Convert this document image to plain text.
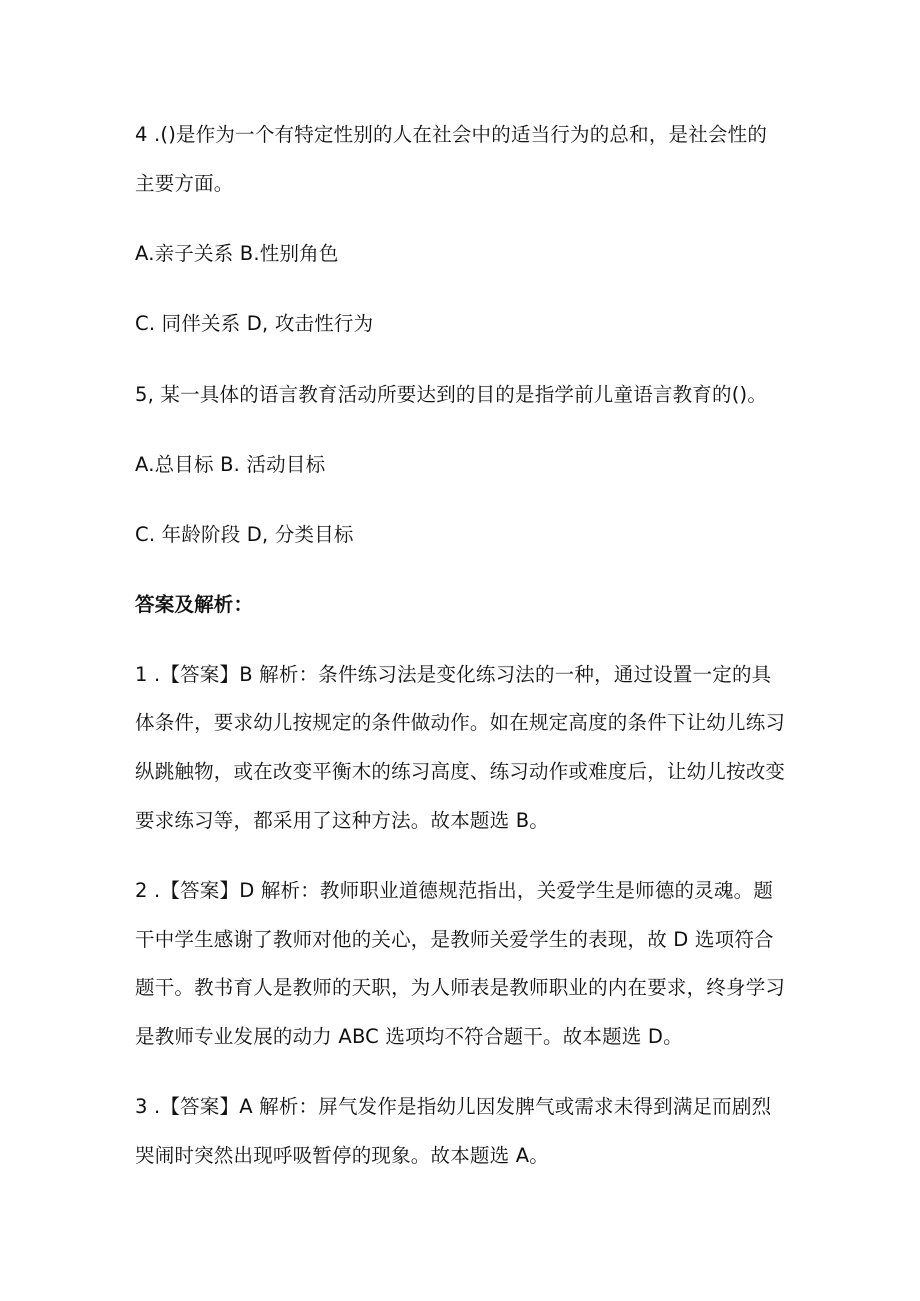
4 .()是作为一个有特定性别的人在社会中的适当行为的总和，是社会性的
主要方面。
A.亲子关系 B.性别角色
C. 同伴关系 D, 攻击性行为
5, 某一具体的语言教育活动所要达到的目的是指学前儿童语言教育的()。
A.总目标 B. 活动目标
C. 年龄阶段 D, 分类目标
答案及解析：
1 .【答案】B 解析：条件练习法是变化练习法的一种，通过设置一定的具
体条件，要求幼儿按规定的条件做动作。如在规定高度的条件下让幼儿练习
纵跳触物，或在改变平衡木的练习高度、练习动作或难度后，让幼儿按改变
要求练习等，都采用了这种方法。故本题选 B。
2 .【答案】D 解析：教师职业道德规范指出，关爱学生是师德的灵魂。题
干中学生感谢了教师对他的关心，是教师关爱学生的表现，故 D 选项符合
题干。教书育人是教师的天职，为人师表是教师职业的内在要求，终身学习
是教师专业发展的动力 ABC 选项均不符合题干。故本题选 D。
3 .【答案】A 解析：屏气发作是指幼儿因发脾气或需求未得到满足而剧烈
哭闹时突然出现呼吸暂停的现象。故本题选 A。
